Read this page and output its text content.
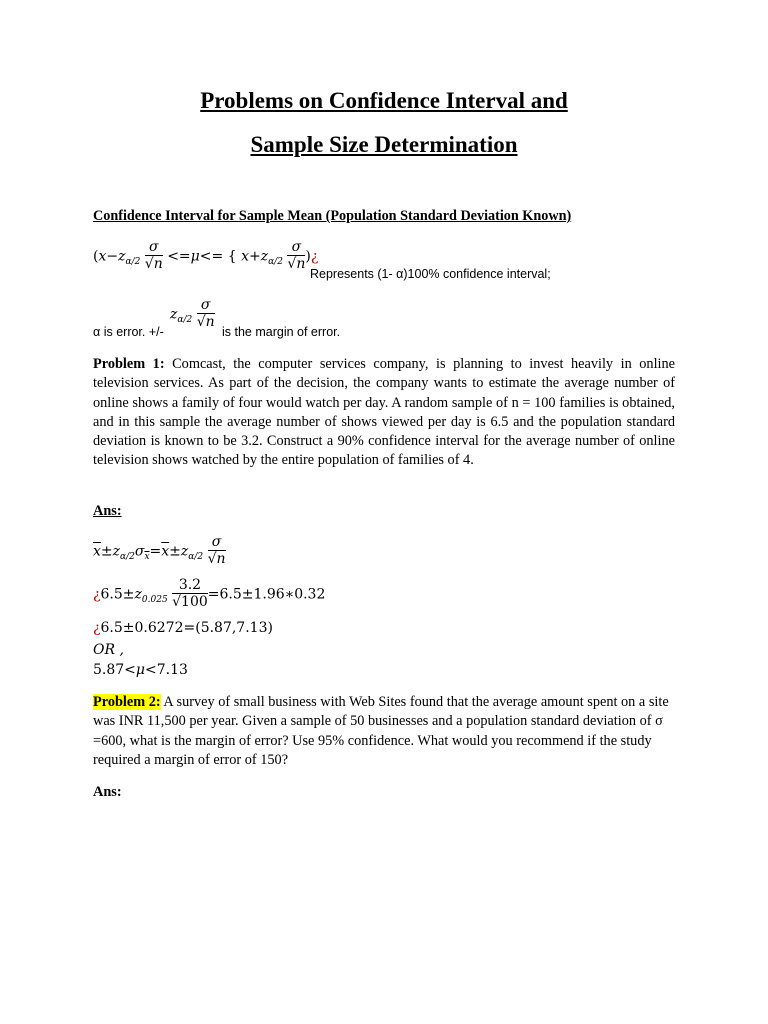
Problems on Confidence Interval and
Sample Size Determination
Confidence Interval for Sample Mean (Population Standard Deviation Known)
($x-z_{\alpha/2} \frac{\sigma}{√n} <=\mu<=$ { $x+z_{\alpha/2} \frac{\sigma}{√n}$ )¿
Represents (1- α)100% confidence interval;
$z_{\alpha/2} \frac{\sigma}{√n}$
α is error. +/-	is the margin of error.
Problem 1: Comcast, the computer services company, is planning to invest heavily in online television services. As part of the decision, the company wants to estimate the average number of online shows a family of four would watch per day. A random sample of n = 100 families is obtained, and in this sample the average number of shows viewed per day is 6.5 and the population standard deviation is known to be 3.2. Construct a 90% confidence interval for the average number of online television shows watched by the entire population of families of 4.
Ans:
$\overline{x}\pm z_{\alpha/2}\sigma_{\overline{x}}=\overline{x}\pm z_{\alpha/2} \frac{\sigma}{√n}$
¿$6.5\pm z_{0.025} \frac{3.2}{√100}$ =6.5±1.96∗0.32
¿6.5±0.6272=(5.87,7.13)
OR ,
5.87<μ<7.13
Problem 2: A survey of small business with Web Sites found that the average amount spent on a site was INR 11,500 per year. Given a sample of 50 businesses and a population standard deviation of σ =600, what is the margin of error? Use 95% confidence. What would you recommend if the study required a margin of error of 150?
Ans:
